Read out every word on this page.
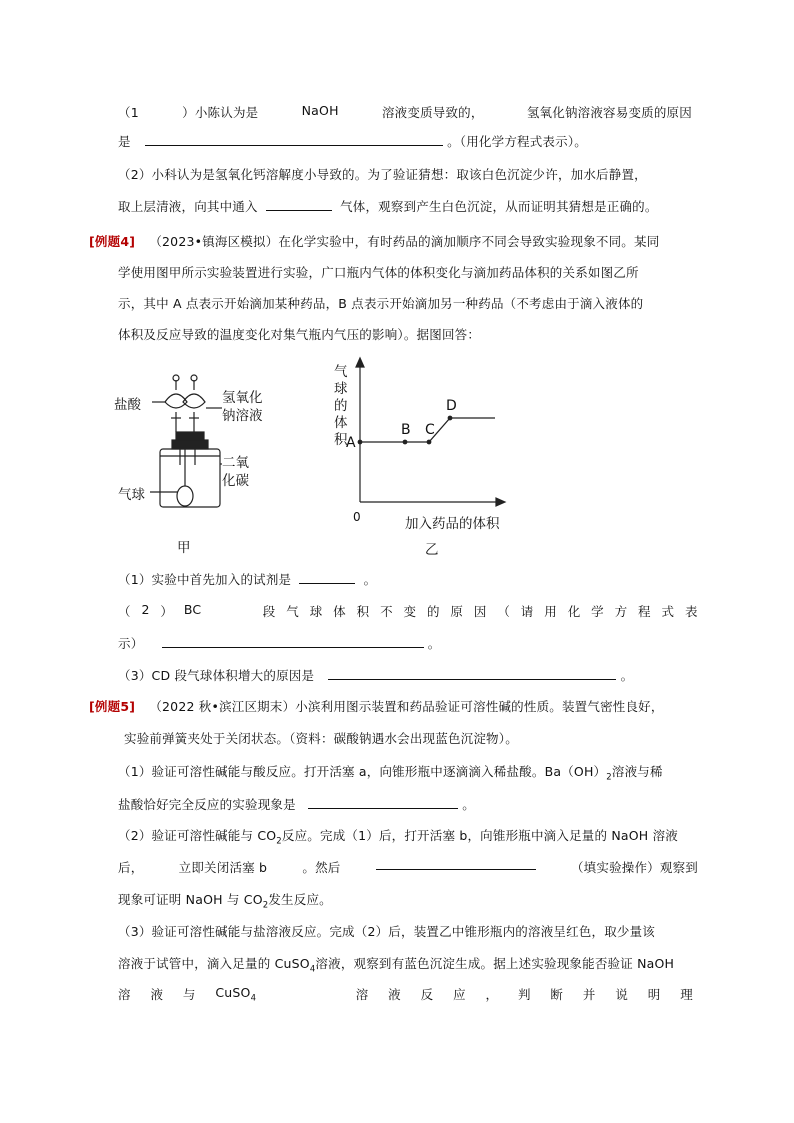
（1	）小陈认为是	NaOH	溶液变质导致的，	氢氧化钠溶液容易变质的原因
是	。（用化学方程式表示）。
（2）小科认为是氢氧化钙溶解度小导致的。为了验证猜想：取该白色沉淀少许，加水后静置，
取上层清液，向其中通入	气体，观察到产生白色沉淀，从而证明其猜想是正确的。
[例题4] （2023•镇海区模拟）在化学实验中，有时药品的滴加顺序不同会导致实验现象不同。某同
学使用图甲所示实验装置进行实验，广口瓶内气体的体积变化与滴加药品体积的关系如图乙所
示，其中 A 点表示开始滴加某种药品，B 点表示开始滴加另一种药品（不考虑由于滴入液体的
体积及反应导致的温度变化对集气瓶内气压的影响）。据图回答：
盐酸	氢氧化
钠溶液
二氧
化碳
气球
甲
A
B C
D
气
球
的
体
积
0	加入药品的体积
乙
（1）实验中首先加入的试剂是	。
（ 2 ） BC	段 气 球 体 积 不 变 的 原 因 （ 请 用 化 学 方 程 式 表
示）	。
（3）CD 段气球体积增大的原因是	。
[例题5] （2022 秋•滨江区期末）小滨利用图示装置和药品验证可溶性碱的性质。装置气密性良好，
实验前弹簧夹处于关闭状态。（资料：碳酸钠遇水会出现蓝色沉淀物）。
（1）验证可溶性碱能与酸反应。打开活塞 a，向锥形瓶中逐滴滴入稀盐酸。$Ba(OH)_2$溶液与稀
盐酸恰好完全反应的实验现象是	。
（2）验证可溶性碱能与 $CO_2$反应。完成（1）后，打开活塞 b，向锥形瓶中滴入足量的 NaOH 溶液
后，	立即关闭活塞 b	。然后	（填实验操作）观察到
现象可证明 NaOH 与 $CO_2$发生反应。
（3）验证可溶性碱能与盐溶液反应。完成（2）后，装置乙中锥形瓶内的溶液呈红色，取少量该
溶液于试管中，滴入足量的 CuSO$_4$溶液，观察到有蓝色沉淀生成。据上述实验现象能否验证 NaOH
溶 液 与 CuSO$_4$	溶 液 反 应 ， 判 断 并 说 明 理
